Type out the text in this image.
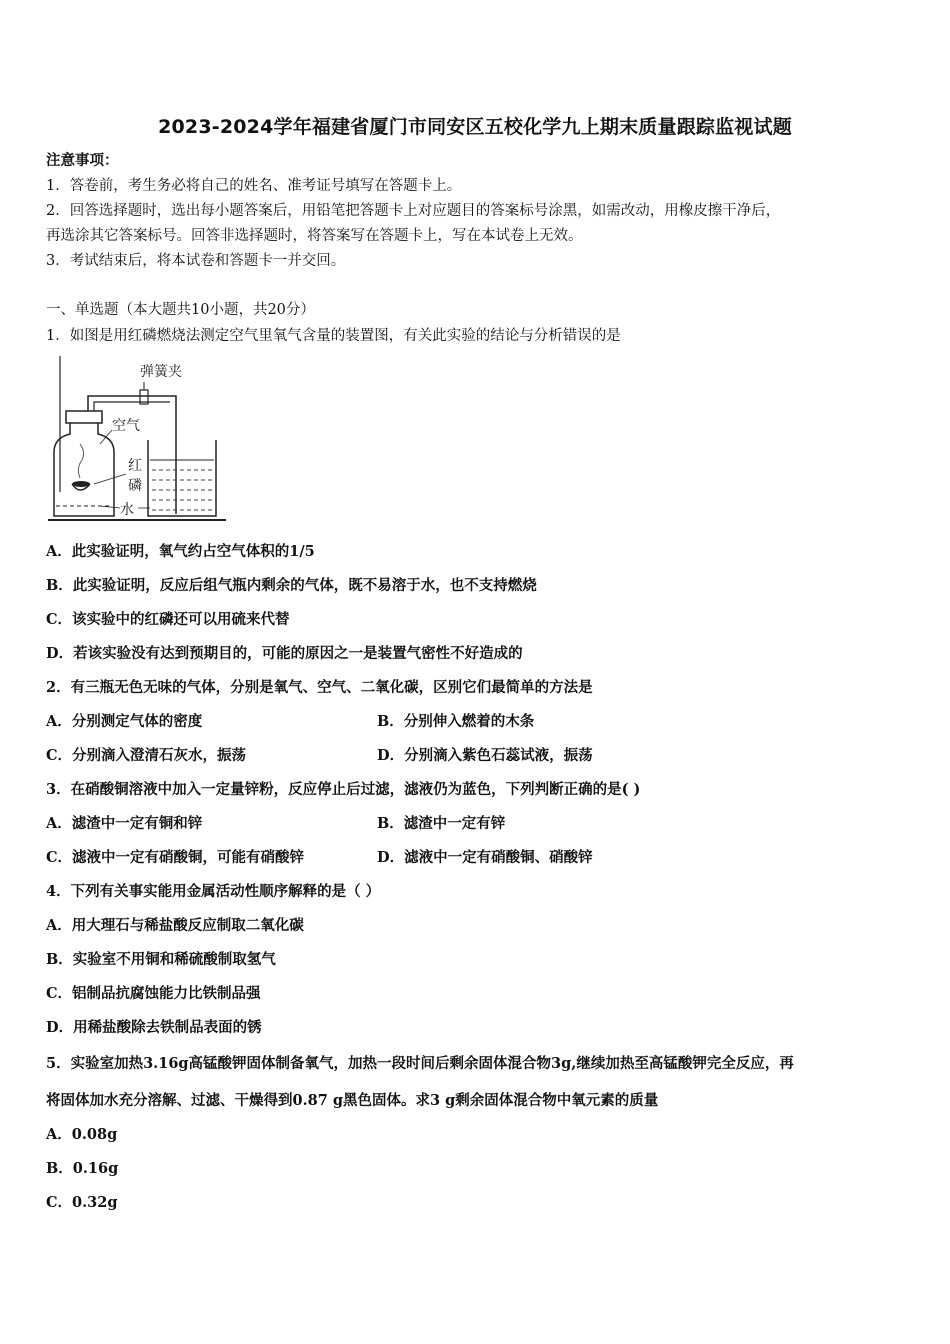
2023-2024学年福建省厦门市同安区五校化学九上期末质量跟踪监视试题
注意事项：
1．答卷前，考生务必将自己的姓名、准考证号填写在答题卡上。
2．回答选择题时，选出每小题答案后，用铅笔把答题卡上对应题目的答案标号涂黑，如需改动，用橡皮擦干净后，
再选涂其它答案标号。回答非选择题时，将答案写在答题卡上，写在本试卷上无效。
3．考试结束后，将本试卷和答题卡一并交回。
一、单选题（本大题共10小题，共20分）
1．如图是用红磷燃烧法测定空气里氧气含量的装置图，有关此实验的结论与分析错误的是
弹簧夹
空气
红
磷
水
A．此实验证明，氧气约占空气体积的1/5
B．此实验证明，反应后组气瓶内剩余的气体，既不易溶于水，也不支持燃烧
C．该实验中的红磷还可以用硫来代替
D．若该实验没有达到预期目的，可能的原因之一是装置气密性不好造成的
2．有三瓶无色无味的气体，分别是氧气、空气、二氧化碳，区别它们最简单的方法是
A．分别测定气体的密度	B．分别伸入燃着的木条
C．分别滴入澄清石灰水，振荡	D．分别滴入紫色石蕊试液，振荡
3．在硝酸铜溶液中加入一定量锌粉，反应停止后过滤，滤液仍为蓝色，下列判断正确的是( )
A．滤渣中一定有铜和锌	B．滤渣中一定有锌
C．滤液中一定有硝酸铜，可能有硝酸锌	D．滤液中一定有硝酸铜、硝酸锌
4．下列有关事实能用金属活动性顺序解释的是（ ）
A．用大理石与稀盐酸反应制取二氧化碳
B．实验室不用铜和稀硫酸制取氢气
C．铝制品抗腐蚀能力比铁制品强
D．用稀盐酸除去铁制品表面的锈
5．实验室加热3.16g高锰酸钾固体制备氧气，加热一段时间后剩余固体混合物3g,继续加热至高锰酸钾完全反应，再
将固体加水充分溶解、过滤、干燥得到0.87 g黑色固体。求3 g剩余固体混合物中氧元素的质量
A．0.08g
B．0.16g
C．0.32g
